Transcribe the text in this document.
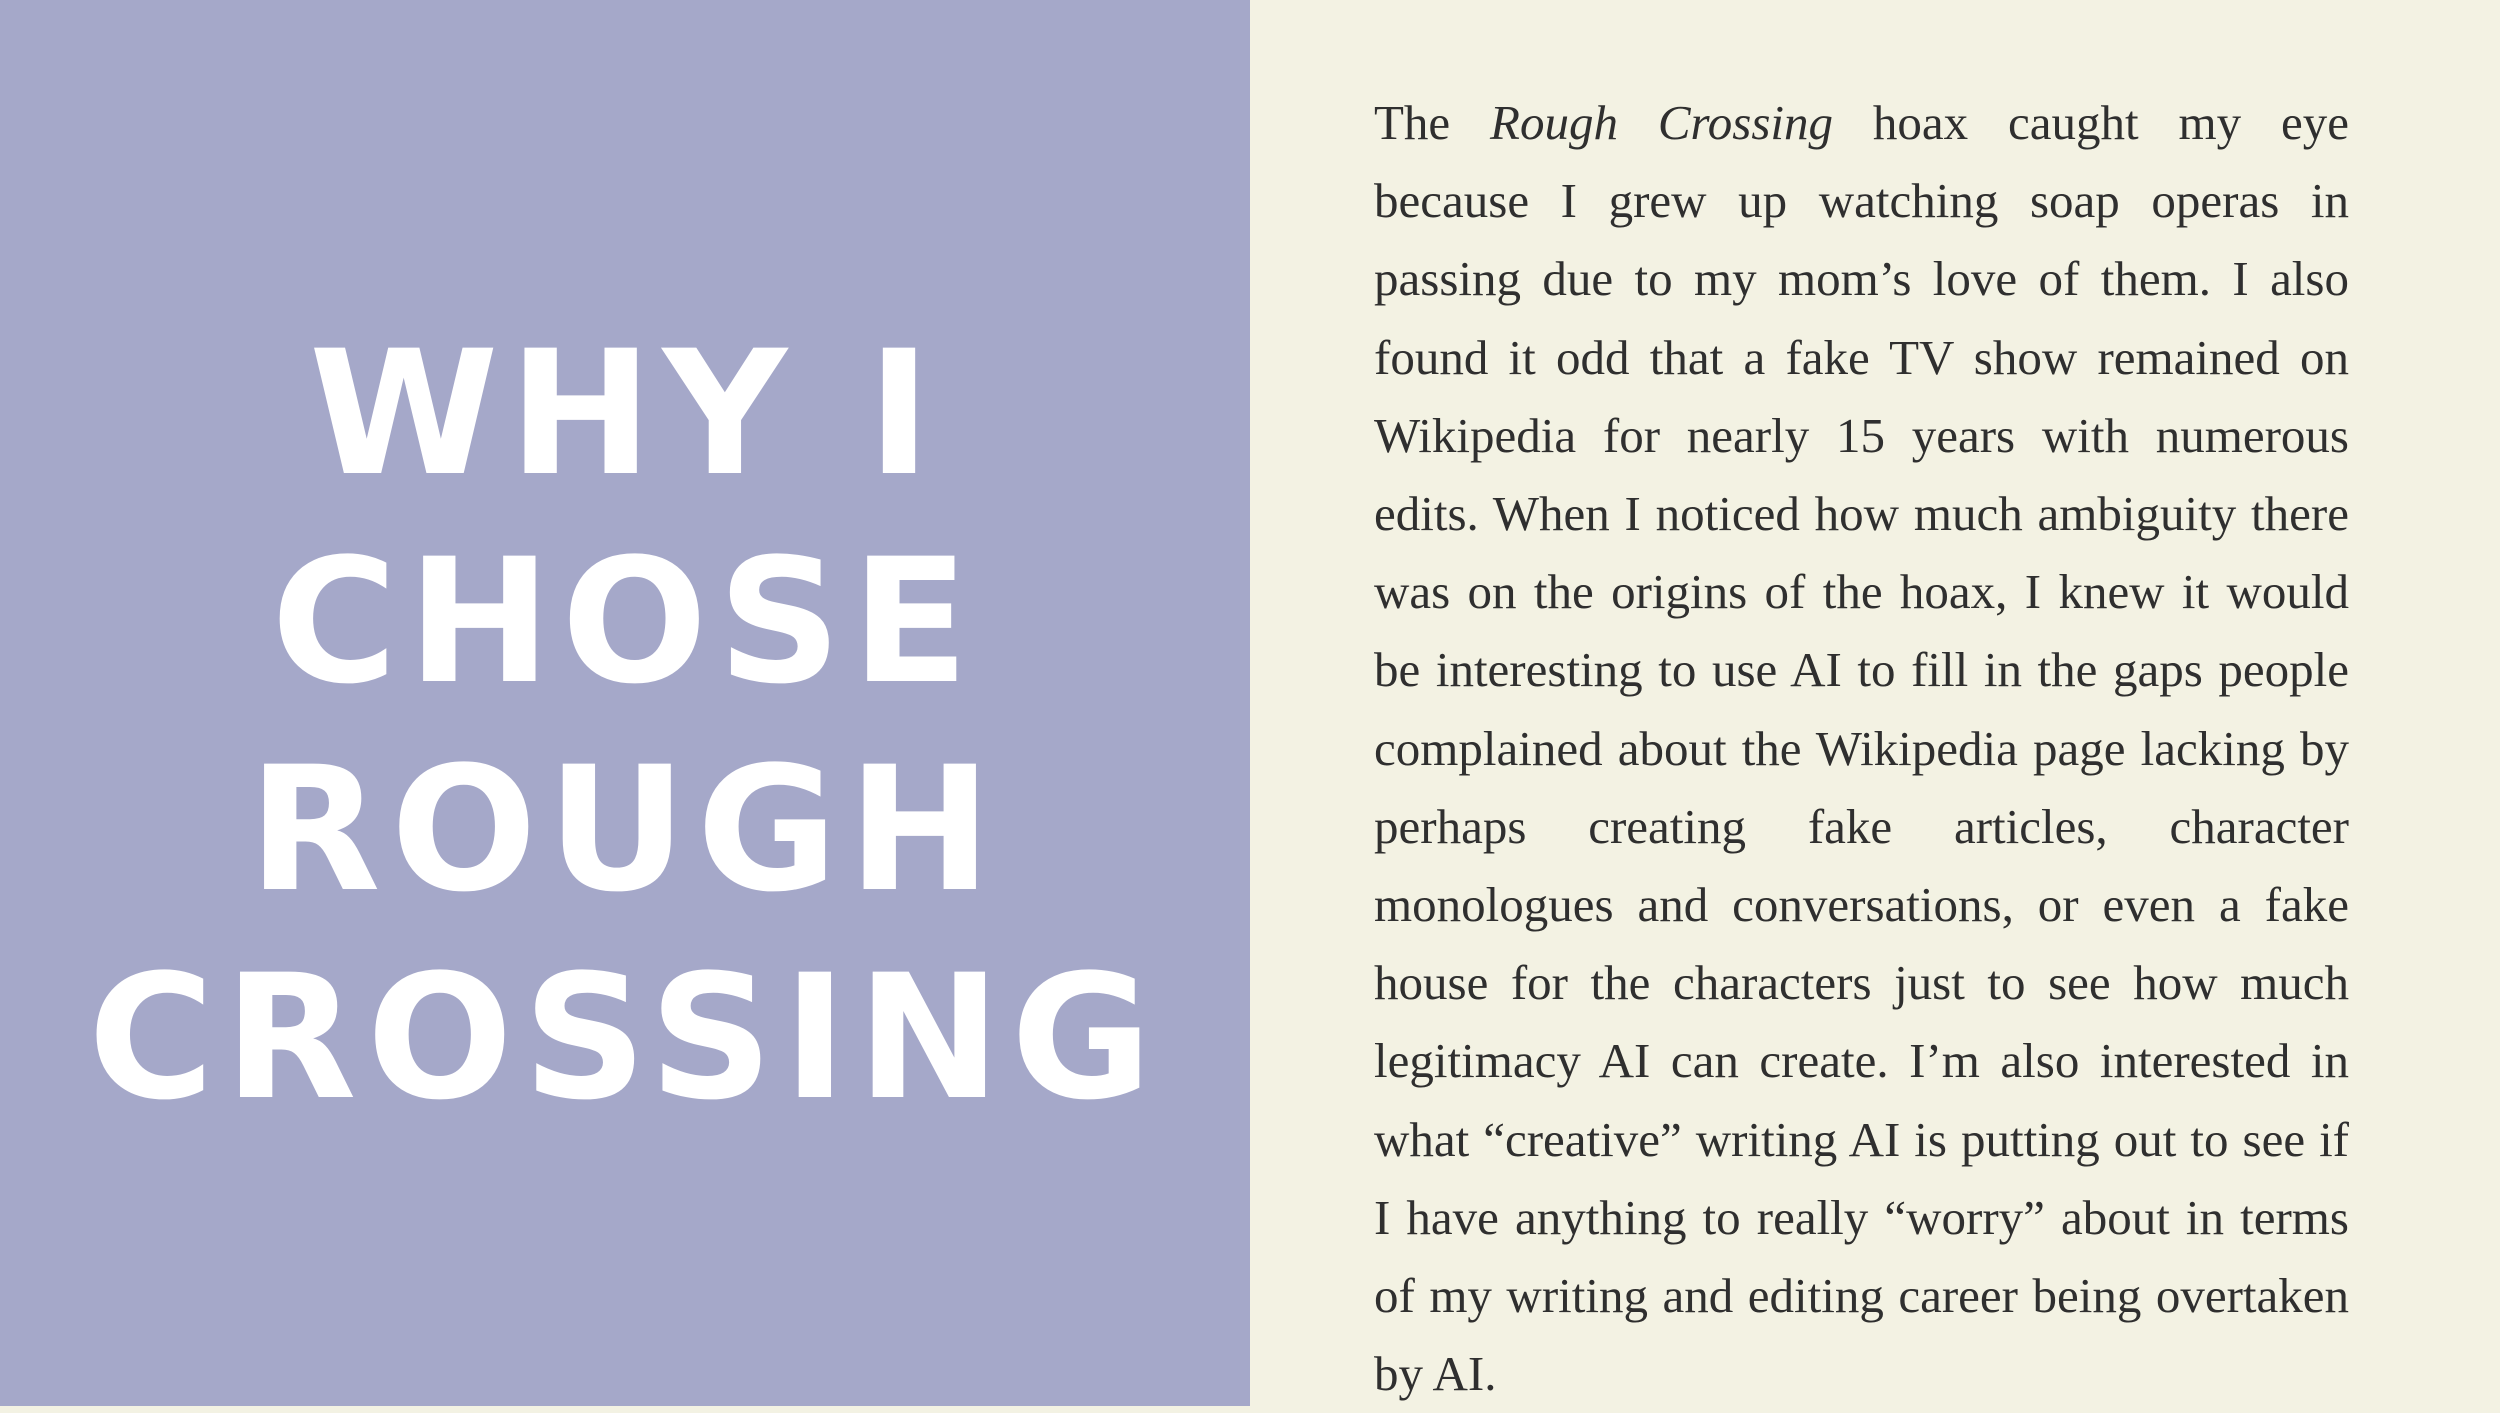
WHY I
CHOSE
ROUGH
CROSSING

The Rough Crossing hoax caught my eye because I grew up watching soap operas in passing due to my mom’s love of them. I also found it odd that a fake TV show remained on Wikipedia for nearly 15 years with numerous edits. When I noticed how much ambiguity there was on the origins of the hoax, I knew it would be interesting to use AI to fill in the gaps people complained about the Wikipedia page lacking by perhaps creating fake articles, character monologues and conversations, or even a fake house for the characters just to see how much legitimacy AI can create. I’m also interested in what “creative” writing AI is putting out to see if I have anything to really “worry” about in terms of my writing and editing career being overtaken by AI.
